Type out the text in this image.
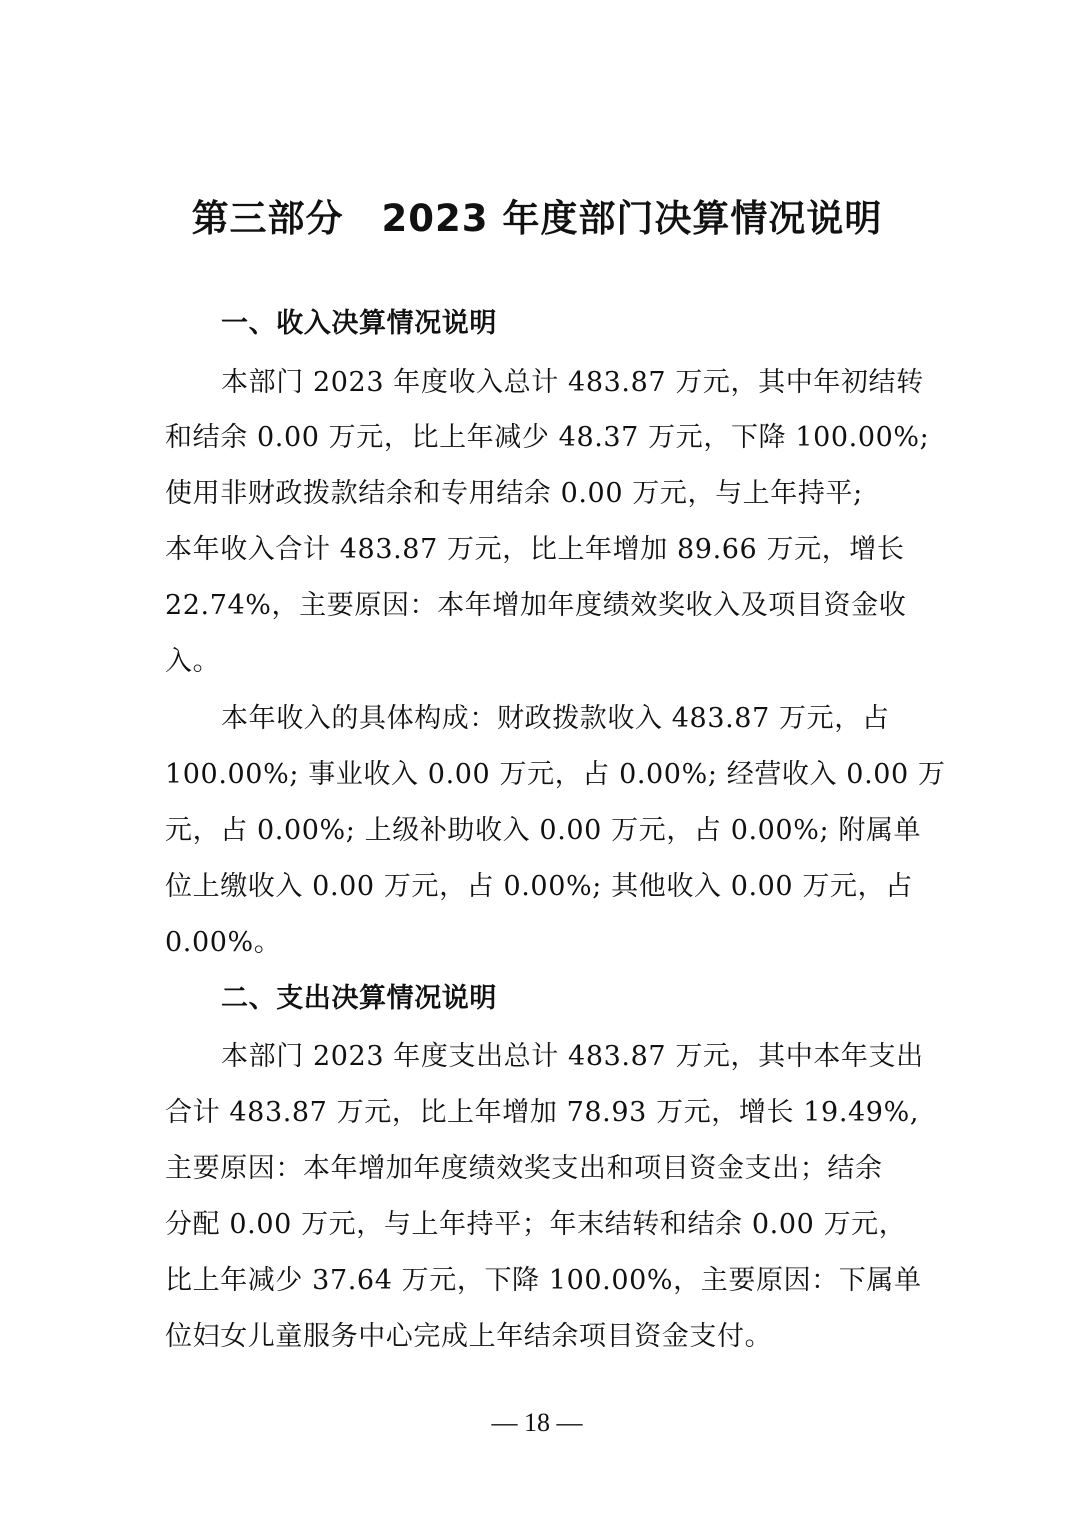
第三部分　2023 年度部门决算情况说明
一、收入决算情况说明
本部门 2023 年度收入总计 483.87 万元，其中年初结转
和结余 0.00 万元，比上年减少 48.37 万元，下降 100.00%;
使用非财政拨款结余和专用结余 0.00 万元，与上年持平;
本年收入合计 483.87 万元，比上年增加 89.66 万元，增长
22.74%，主要原因：本年增加年度绩效奖收入及项目资金收
入。
本年收入的具体构成：财政拨款收入 483.87 万元，占
100.00%; 事业收入 0.00 万元，占 0.00%; 经营收入 0.00 万
元，占 0.00%; 上级补助收入 0.00 万元，占 0.00%; 附属单
位上缴收入 0.00 万元，占 0.00%; 其他收入 0.00 万元，占
0.00%。
二、支出决算情况说明
本部门 2023 年度支出总计 483.87 万元，其中本年支出
合计 483.87 万元，比上年增加 78.93 万元，增长 19.49%,
主要原因：本年增加年度绩效奖支出和项目资金支出；结余
分配 0.00 万元，与上年持平；年末结转和结余 0.00 万元，
比上年减少 37.64 万元，下降 100.00%，主要原因：下属单
位妇女儿童服务中心完成上年结余项目资金支付。
— 18 —
